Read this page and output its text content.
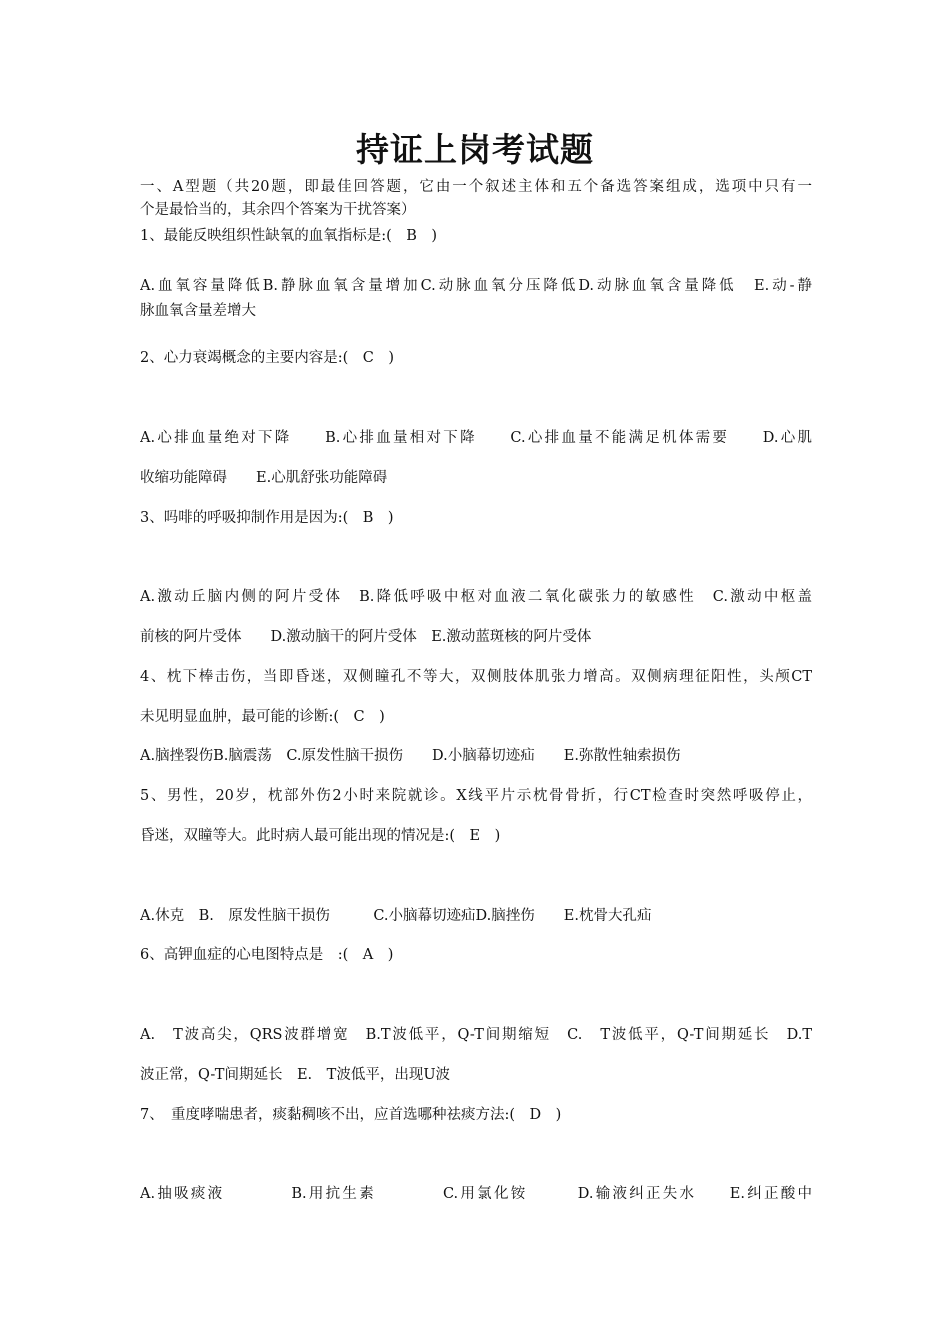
持证上岗考试题
一、A型题（共20题，即最佳回答题，它由一个叙述主体和五个备选答案组成，选项中只有一
个是最恰当的，其余四个答案为干扰答案）
1、最能反映组织性缺氧的血氧指标是:(　B　)
A.血氧容量降低B.静脉血氧含量增加C.动脉血氧分压降低D.动脉血氧含量降低　E.动-静
脉血氧含量差增大
2、心力衰竭概念的主要内容是:(　C　)
A.心排血量绝对下降　　B.心排血量相对下降　　C.心排血量不能满足机体需要　　D.心肌
收缩功能障碍　　E.心肌舒张功能障碍
3、吗啡的呼吸抑制作用是因为:(　B　)
A.激动丘脑内侧的阿片受体　B.降低呼吸中枢对血液二氧化碳张力的敏感性　C.激动中枢盖
前核的阿片受体　　D.激动脑干的阿片受体　E.激动蓝斑核的阿片受体
4、枕下棒击伤，当即昏迷，双侧瞳孔不等大，双侧肢体肌张力增高。双侧病理征阳性，头颅CT
未见明显血肿，最可能的诊断:(　C　)
A.脑挫裂伤B.脑震荡　C.原发性脑干损伤　　D.小脑幕切迹疝　　E.弥散性轴索损伤
5、男性，20岁，枕部外伤2小时来院就诊。X线平片示枕骨骨折，行CT检查时突然呼吸停止，
昏迷，双瞳等大。此时病人最可能出现的情况是:(　E　)
A.休克　B.　原发性脑干损伤　　　C.小脑幕切迹疝D.脑挫伤　　E.枕骨大孔疝
6、高钾血症的心电图特点是　:(　A　)
A.　T波高尖，QRS波群增宽　B.T波低平，Q-T间期缩短　C.　T波低平，Q-T间期延长　D.T
波正常，Q-T间期延长　E.　T波低平，出现U波
7、　重度哮喘患者，痰黏稠咳不出，应首选哪种祛痰方法:(　D　)
A.抽吸痰液　　　　B.用抗生素　　　　C.用氯化铵　　　D.输液纠正失水　　E.纠正酸中
